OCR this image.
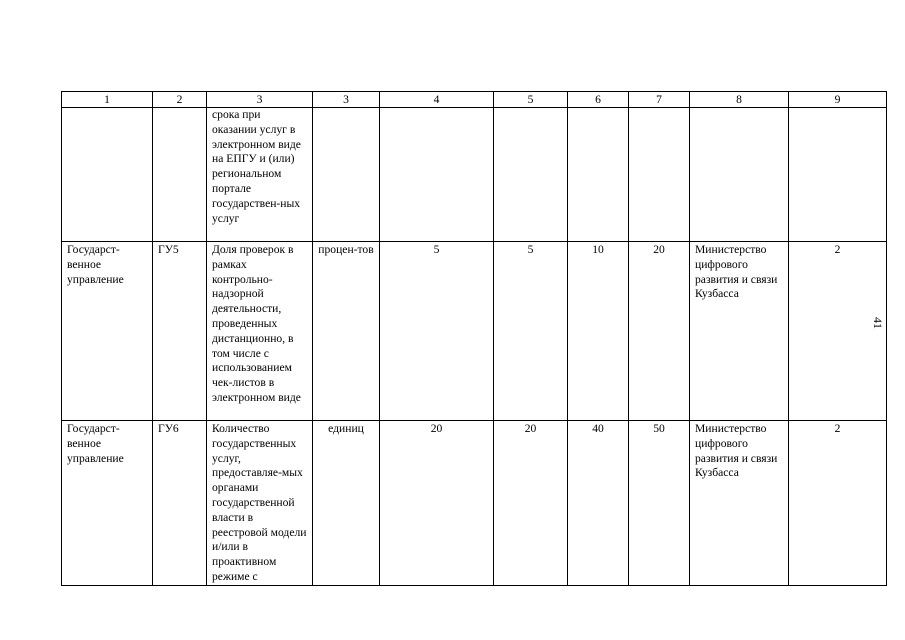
41
1	2	3	3	4	5	6	7	8	9
		срока при оказании услуг в электронном виде на ЕПГУ и (или) региональном портале государствен-ных услуг							
Государст-венное управление	ГУ5	Доля проверок в рамках контрольно-надзорной деятельности, проведенных дистанционно, в том числе с использованием чек-листов в электронном виде	процен-тов	5	5	10	20	Министерство цифрового развития и связи Кузбасса	2
Государст-венное управление	ГУ6	Количество государственных услуг, предоставляе-мых органами государственной власти в реестровой модели и/или в проактивном режиме с	единиц	20	20	40	50	Министерство цифрового развития и связи Кузбасса	2
